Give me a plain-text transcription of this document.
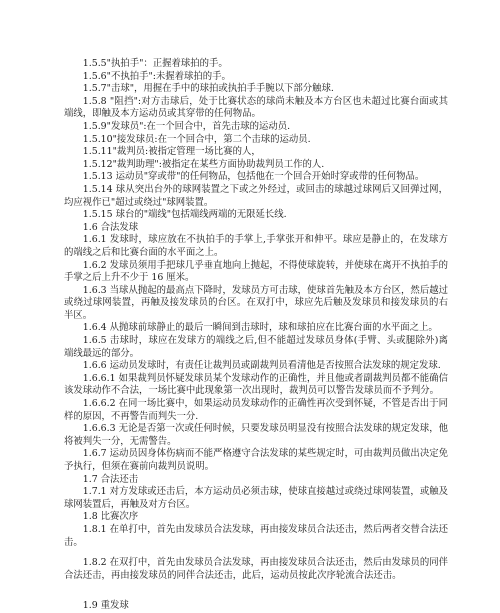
1.5.5"执拍手"：正握着球拍的手。

1.5.6"不执拍手":未握着球拍的手。

1.5.7"击球"，用握在手中的球拍或执拍手手腕以下部分触球.

1.5.8 "阻挡":对方击球后，处于比赛状态的球尚未触及本方台区也未超过比赛台面或其端线，即触及本方运动员或其穿带的任何物品。

1.5.9"发球员":在一个回合中，首先击球的运动员.

1.5.10"接发球员:在一个回合中，第二个击球的运动员.

1.5.11"裁判员:被指定管理一场比赛的人，

1.5.12"裁判助理":被指定在某些方面协助裁判员工作的人.

1.5.13 运动员"穿或带"的任何物品，包括他在一个回合开始时穿或带的任何物品。

1.5.14 球从突出台外的球网装置之下或之外经过，或回击的球越过球网后又回弹过网，均应视作已"超过或绕过"球网装置。

1.5.15 球台的"端线"包括端线两端的无限延长线.

1.6 合法发球

1.6.1 发球时，球应放在不执拍手的手掌上,手掌张开和伸平。球应是静止的，在发球方的端线之后和比赛台面的水平面之上。

1.6.2 发球员须用手把球几乎垂直地向上抛起，不得使球旋转，并使球在离开不执拍手的手掌之后上升不少于 16 厘米。

1.6.3 当球从抛起的最高点下降时，发球员方可击球，使球首先触及本方台区，然后越过或绕过球网装置，再触及接发球员的台区。在双打中，球应先后触及发球员和接发球员的右半区。

1.6.4 从抛球前球静止的最后一瞬间到击球时，球和球拍应在比赛台面的水平面之上。

1.6.5 击球时，球应在发球方的端线之后,但不能超过发球员身体(手臂、头或腿除外)离端线最远的部分。

1.6.6 运动员发球时，有责任让裁判员或副裁判员看清他是否按照合法发球的规定发球.

1.6.6.1 如果裁判员怀疑发球员某个发球动作的正确性，并且他或者副裁判员都不能确信该发球动作不合法，一场比赛中此现象第一次出现时，裁判员可以警告发球员而不予判分。

1.6.6.2 在同一场比赛中，如果运动员发球动作的正确性再次受到怀疑，不管是否出于同样的原因，不再警告而判失一分.

1.6.6.3 无论是否第一次或任何时候，只要发球员明显没有按照合法发球的规定发球，他将被判失一分，无需警告。

1.6.7 运动员因身体伤病而不能严格遵守合法发球的某些规定时，可由裁判员做出决定免予执行，但须在赛前向裁判员说明。

1.7 合法还击

1.7.1 对方发球或还击后，本方运动员必须击球，使球直接越过或绕过球网装置，或触及球网装置后，再触及对方台区。

1.8 比赛次序

1.8.1 在单打中，首先由发球员合法发球，再由接发球员合法还击，然后两者交替合法还击。

1.8.2 在双打中，首先由发球员合法发球，再由接发球员合法还击，然后由发球员的同伴合法还击，再由接发球员的同伴合法还击，此后，运动员按此次序轮流合法还击。

1.9 重发球
